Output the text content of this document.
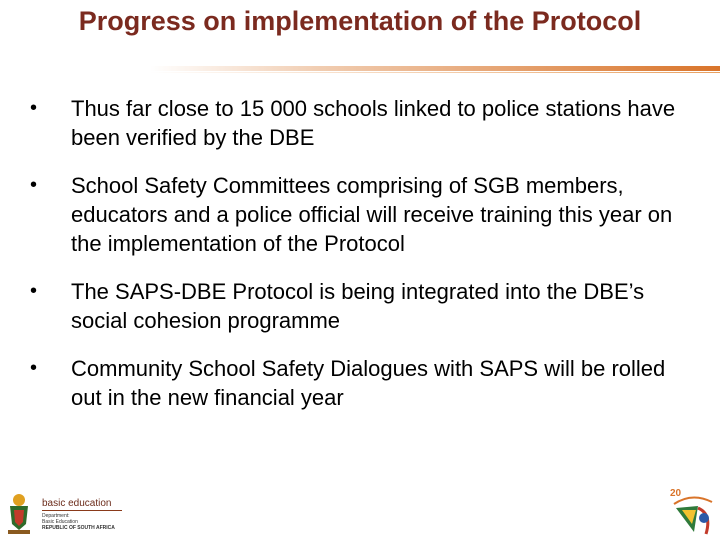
Progress on implementation of the Protocol
• Thus far close to 15 000 schools linked to police stations have been verified by the DBE
• School Safety Committees comprising of SGB members, educators and a police official will receive training this year on the implementation of the Protocol
• The SAPS-DBE Protocol is being integrated into the DBE’s social cohesion programme
• Community School Safety Dialogues with SAPS will be rolled out in the new financial year
basic education
Department:
Basic Education
REPUBLIC OF SOUTH AFRICA
20
